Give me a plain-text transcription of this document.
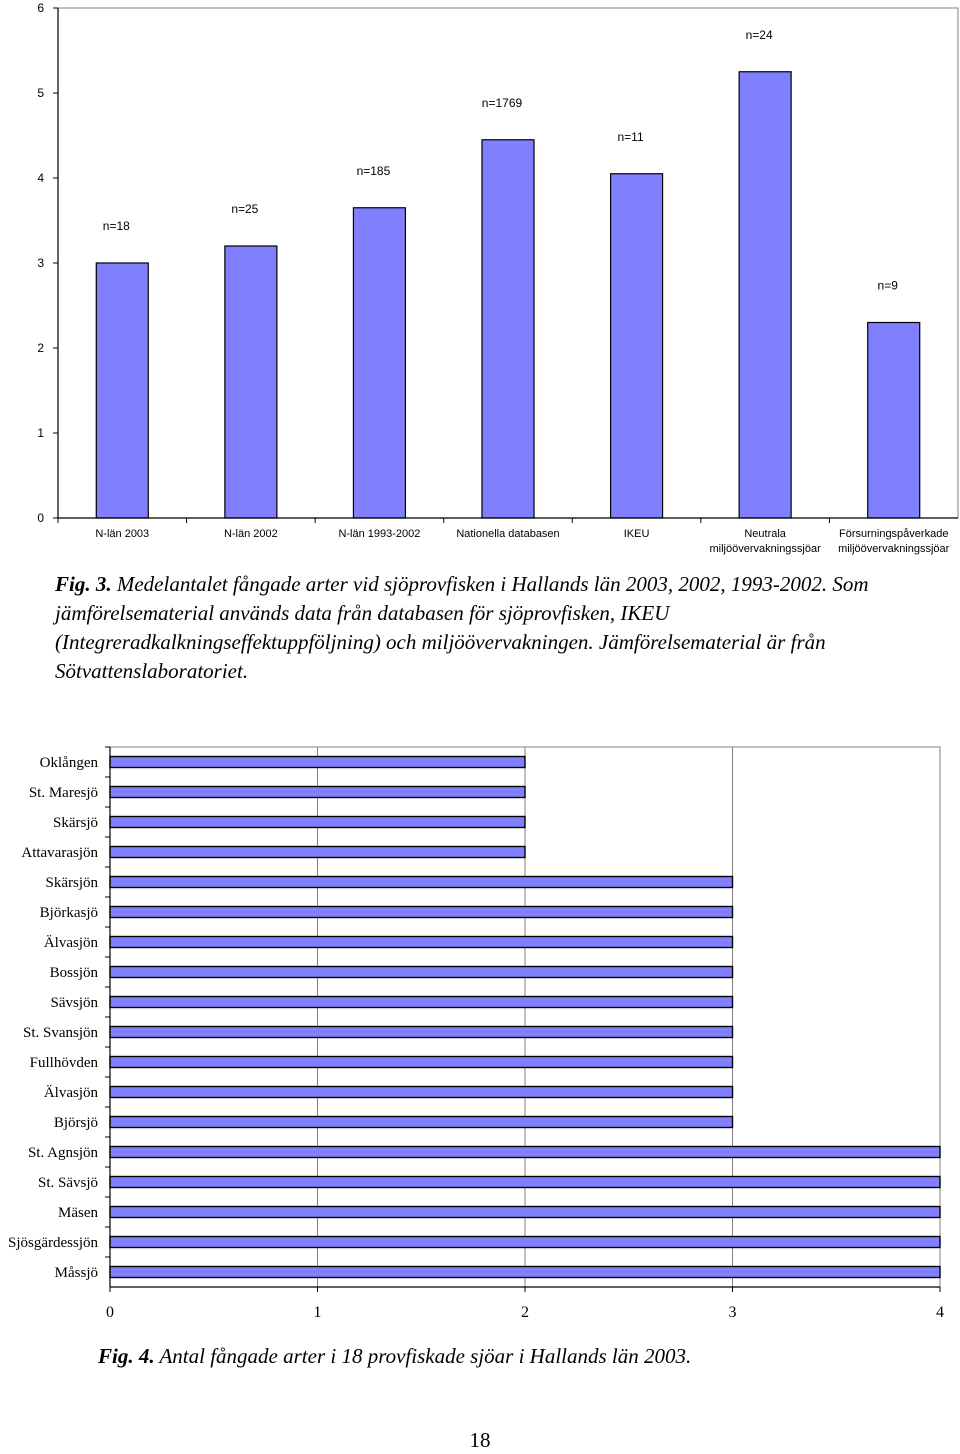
0
1
2
3
4
5
6
n=18
N-län 2003
n=25
N-län 2002
n=185
N-län 1993-2002
n=1769
Nationella databasen
n=11
IKEU
n=24
Neutrala
miljöövervakningssjöar
n=9
Försurningspåverkade
miljöövervakningssjöar

Fig. 3. Medelantalet fångade arter vid sjöprovfisken i Hallands län 2003, 2002, 1993-2002. Som jämförelsematerial används data från databasen för sjöprovfisken, IKEU (Integreradkalkningseffektuppföljning) och miljöövervakningen. Jämförelsematerial är från Sötvattenslaboratoriet.

0	1	2	3	4
Oklången
St. Maresjö
Skärsjö
Attavarasjön
Skärsjön
Björkasjö
Älvasjön
Bossjön
Sävsjön
St. Svansjön
Fullhövden
Älvasjön
Björsjö
St. Agnsjön
St. Sävsjö
Mäsen
Sjösgärdessjön
Måssjö

Fig. 4. Antal fångade arter i 18 provfiskade sjöar i Hallands län 2003.

18
